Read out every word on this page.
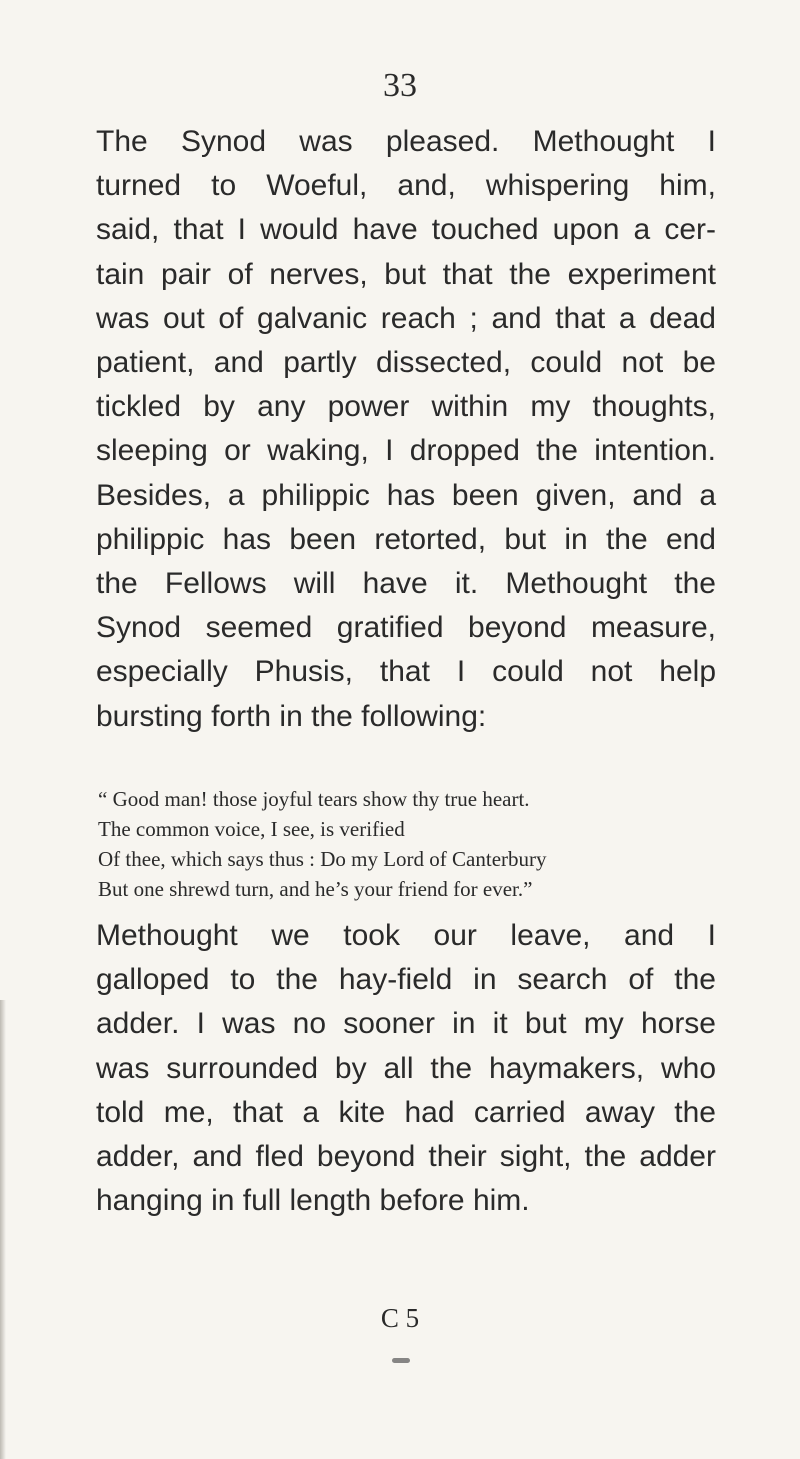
33
The Synod was pleased. Methought I
turned to Woeful, and, whispering him,
said, that I would have touched upon a cer-
tain pair of nerves, but that the experiment
was out of galvanic reach ; and that a dead
patient, and partly dissected, could not be
tickled by any power within my thoughts,
sleeping or waking, I dropped the intention.
Besides, a philippic has been given, and a
philippic has been retorted, but in the end
the Fellows will have it. Methought the
Synod seemed gratified beyond measure,
especially Phusis, that I could not help
bursting forth in the following:
“ Good man! those joyful tears show thy true heart.
The common voice, I see, is verified
Of thee, which says thus : Do my Lord of Canterbury
But one shrewd turn, and he’s your friend for ever.”
Methought we took our leave, and I
galloped to the hay-field in search of the
adder. I was no sooner in it but my horse
was surrounded by all the haymakers, who
told me, that a kite had carried away the
adder, and fled beyond their sight, the adder
hanging in full length before him.
C 5
